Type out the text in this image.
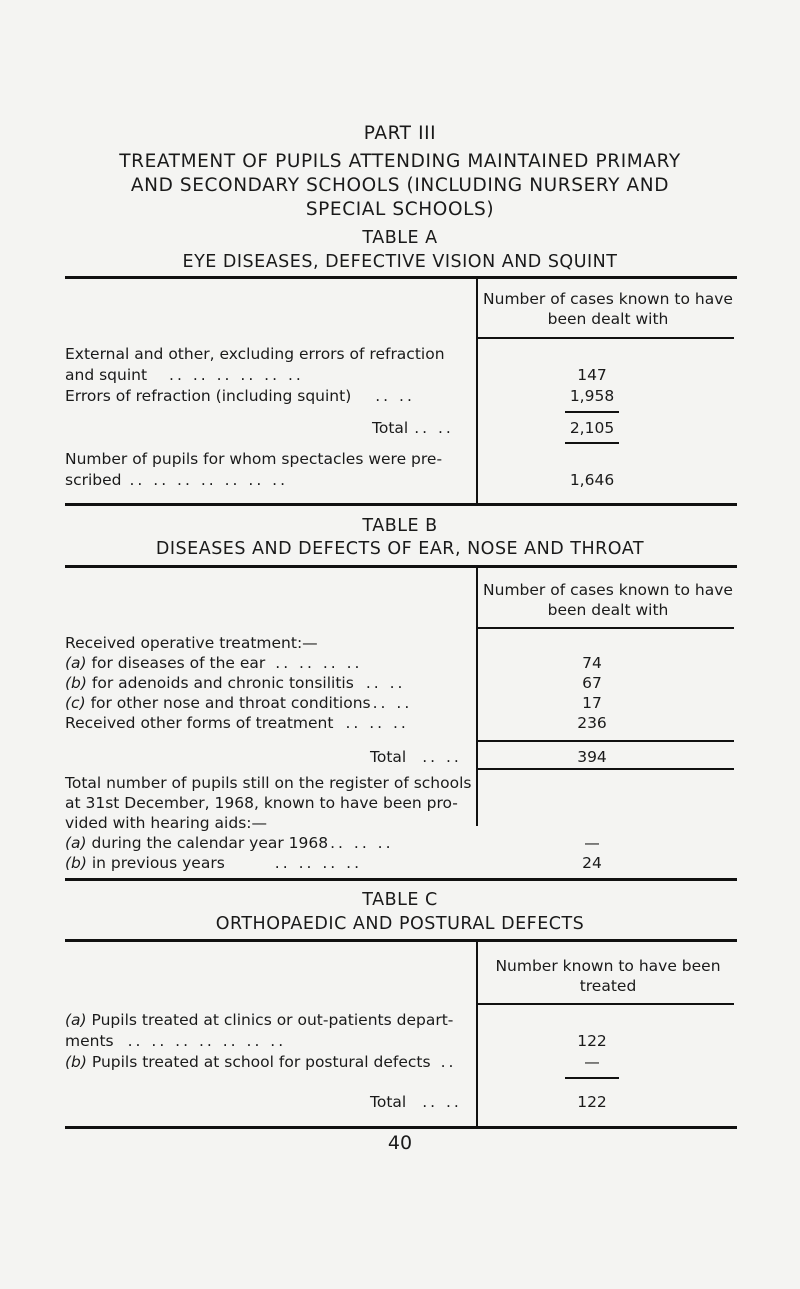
PART III
TREATMENT OF PUPILS ATTENDING MAINTAINED PRIMARY
AND SECONDARY SCHOOLS (INCLUDING NURSERY AND
SPECIAL SCHOOLS)
TABLE A
EYE DISEASES, DEFECTIVE VISION AND SQUINT
Number of cases known to have
been dealt with
External and other, excluding errors of refraction
and squint .. .. .. .. .. ..	147
Errors of refraction (including squint) .. ..	1,958
Total .. ..	2,105
Number of pupils for whom spectacles were pre-
scribed .. .. .. .. .. .. ..	1,646
TABLE B
DISEASES AND DEFECTS OF EAR, NOSE AND THROAT
Number of cases known to have
been dealt with
Received operative treatment:—
(a) for diseases of the ear .. .. .. ..	74
(b) for adenoids and chronic tonsilitis .. ..	67
(c) for other nose and throat conditions .. ..	17
Received other forms of treatment .. .. ..	236
Total .. ..	394
Total number of pupils still on the register of schools
at 31st December, 1968, known to have been pro-
vided with hearing aids:—
(a) during the calendar year 1968 .. .. ..	—
(b) in previous years	.. .. .. ..	24
TABLE C
ORTHOPAEDIC AND POSTURAL DEFECTS
Number known to have been
treated
(a) Pupils treated at clinics or out-patients depart-
ments .. .. .. .. .. .. ..	122
(b) Pupils treated at school for postural defects ..	—
Total .. ..	122
40
